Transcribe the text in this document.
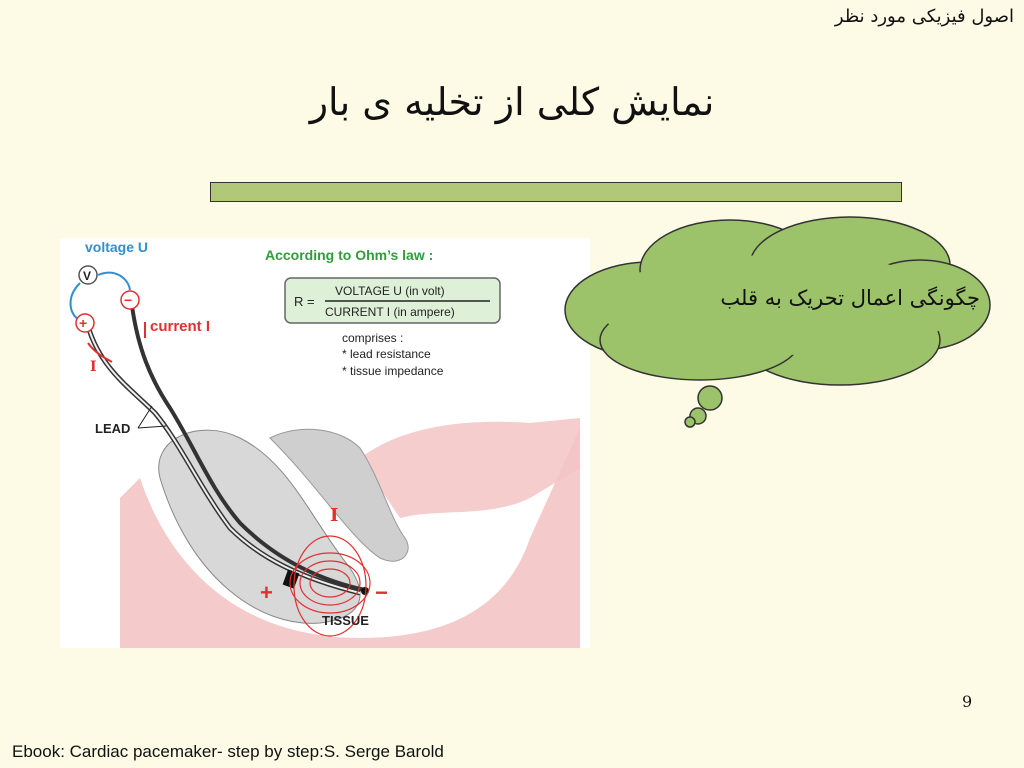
اصول فیزیکی مورد نظر
نمایش کلی از تخلیه ی بار
voltage U
V
+
−
current I
I
According to Ohm’s law :
R =
VOLTAGE U (in volt)
CURRENT I (in ampere)
comprises :
* lead resistance
* tissue impedance
LEAD
I
+	−
TISSUE
چگونگی اعمال تحریک به قلب
9
Ebook: Cardiac pacemaker- step by step:S. Serge Barold
